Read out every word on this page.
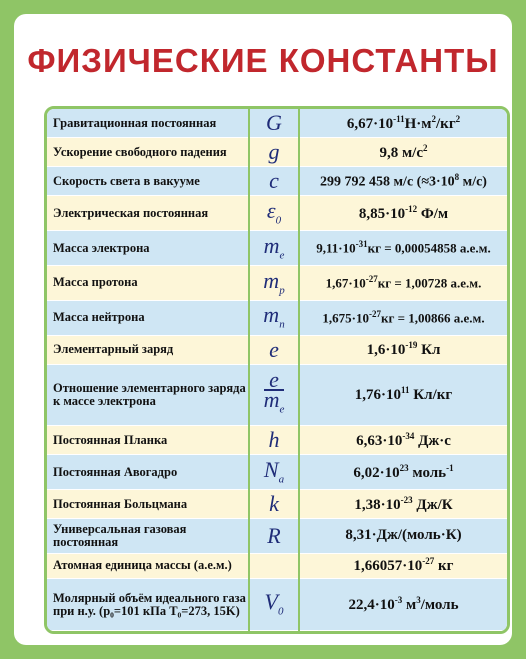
ФИЗИЧЕСКИЕ КОНСТАНТЫ
Гравитационная постоянная	G	$6,67\cdot 10^{-11}Н\cdot м^2/кг^2$
Ускорение свободного падения	g	9,8 $м/с^2$
Скорость света в вакууме	c	299 792 458 м/с ($\approx 3\cdot 10^8$ м/с)
Электрическая постоянная	$\varepsilon_0$	$8,85\cdot 10^{-12}$ Ф/м
Масса электрона	$m_e$	$9,11\cdot 10^{-31}кг = 0,00054858$ а.е.м.
Масса протона	$m_p$	$1,67\cdot 10^{-27}кг = 1,00728$ а.е.м.
Масса нейтрона	$m_n$	$1,675\cdot 10^{-27}кг = 1,00866$ а.е.м.
Элементарный заряд	e	$1,6\cdot 10^{-19}$ Кл
Отношение элементарного заряда к массе электрона	$\frac{e}{m_e}$	$1,76\cdot 10^{11}$ Кл/кг
Постоянная Планка	h	$6,63\cdot 10^{-34}$ Дж·с
Постоянная Авогадро	$N_a$	$6,02\cdot 10^{23}$ моль$^{-1}$
Постоянная Больцмана	k	$1,38\cdot 10^{-23}$ Дж/К
Универсальная газовая постоянная	R	8,31·Дж/(моль·К)
Атомная единица массы (а.е.м.)		$1,66057\cdot 10^{-27}$ кг
Молярный объём идеального газа при н.у. (p₀=101 кПа T₀=273, 15K)	$V_0$	$22,4\cdot 10^{-3}$ $м^3$/моль
